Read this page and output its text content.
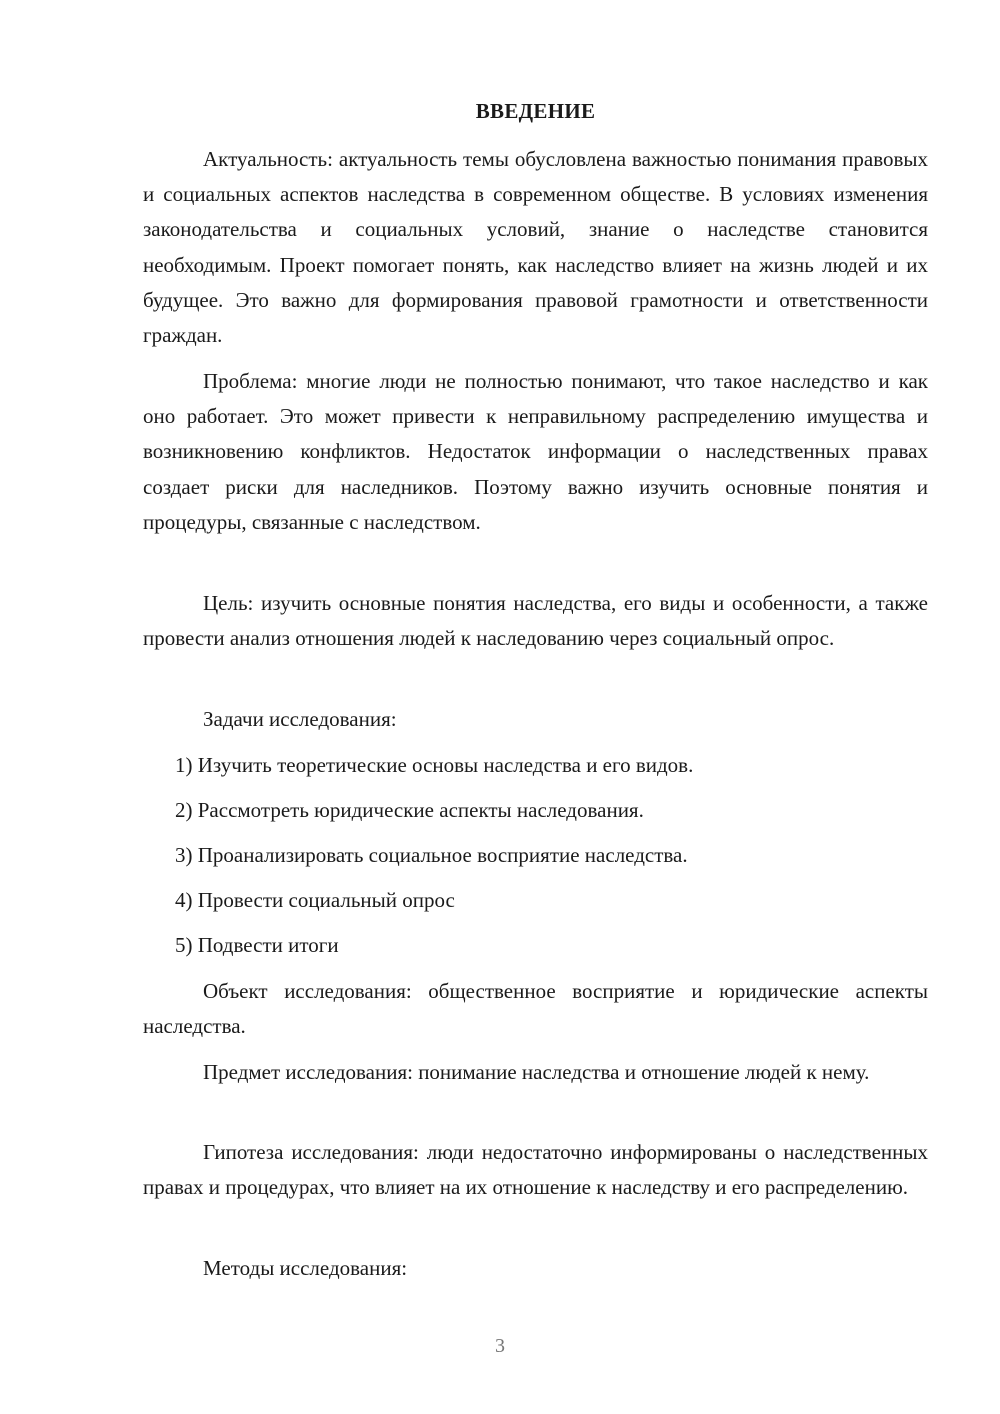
ВВЕДЕНИЕ

Актуальность: актуальность темы обусловлена важностью понимания правовых и социальных аспектов наследства в современном обществе. В условиях изменения законодательства и социальных условий, знание о наследстве становится необходимым. Проект помогает понять, как наследство влияет на жизнь людей и их будущее. Это важно для формирования правовой грамотности и ответственности граждан.

Проблема: многие люди не полностью понимают, что такое наследство и как оно работает. Это может привести к неправильному распределению имущества и возникновению конфликтов. Недостаток информации о наследственных правах создает риски для наследников. Поэтому важно изучить основные понятия и процедуры, связанные с наследством.

Цель: изучить основные понятия наследства, его виды и особенности, а также провести анализ отношения людей к наследованию через социальный опрос.

Задачи исследования:

1) Изучить теоретические основы наследства и его видов.

2) Рассмотреть юридические аспекты наследования.

3) Проанализировать социальное восприятие наследства.

4) Провести социальный опрос

5) Подвести итоги

Объект исследования: общественное восприятие и юридические аспекты наследства.

Предмет исследования: понимание наследства и отношение людей к нему.

Гипотеза исследования: люди недостаточно информированы о наследственных правах и процедурах, что влияет на их отношение к наследству и его распределению.

Методы исследования:

3
